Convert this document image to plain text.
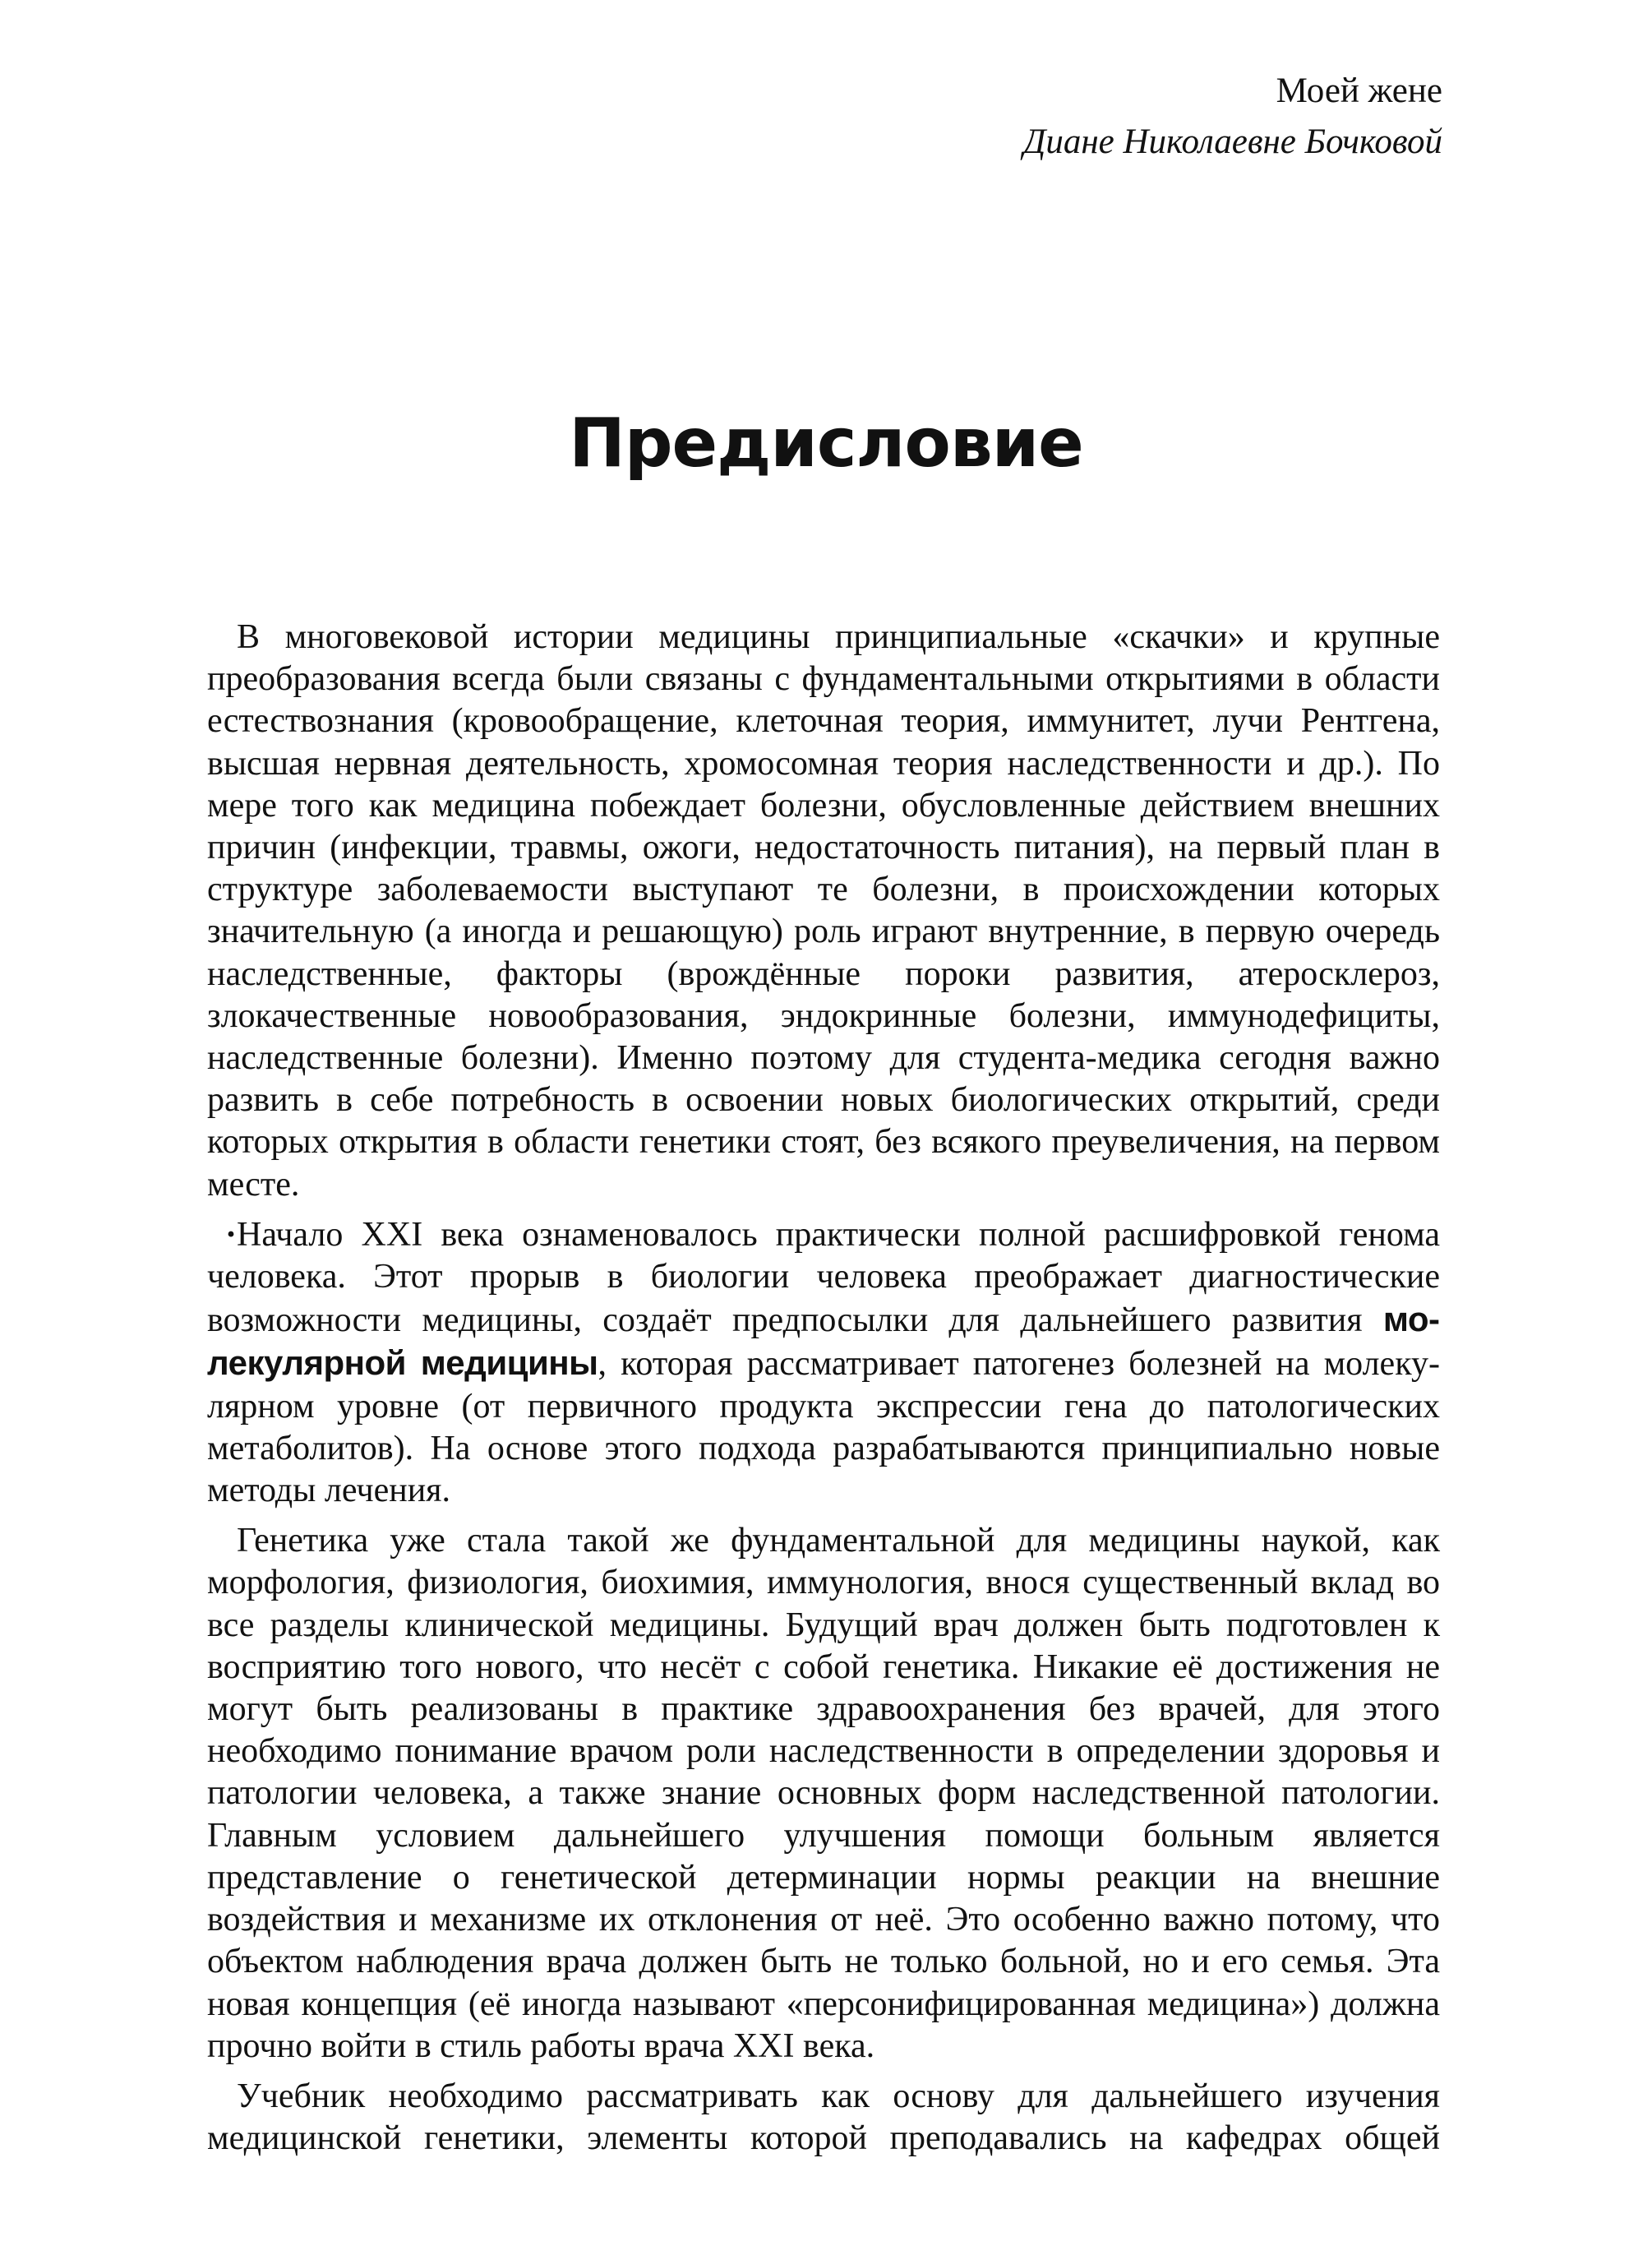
Моей жене
Диане Николаевне Бочковой
Предисловие

В многовековой истории медицины принципиальные «скачки» и крупные преобразования всегда были связаны с фундаментальными открытиями в области естествознания (кровообращение, клеточная теория, иммунитет, лучи Рентгена, высшая нервная деятельность, хромосомная теория наследственности и др.). По мере того как медицина побеждает болезни, обусловленные действием внешних причин (инфекции, травмы, ожоги, недостаточность питания), на первый план в структуре заболеваемости выступают те болезни, в происхождении которых значительную (а иногда и решающую) роль играют внутренние, в первую очередь наследственные, факторы (врождённые пороки развития, атеросклероз, злокачественные новообразования, эндокринные болезни, иммунодефициты, наследственные болезни). Именно поэтому для студента-медика сегодня важно развить в себе потребность в освоении новых биологических открытий, среди которых открытия в области генетики стоят, без всякого преувеличения, на первом месте.

·Начало XXI века ознаменовалось практически полной расшифровкой генома человека. Этот прорыв в биологии человека преображает диагностические возможности медицины, создаёт предпосылки для дальнейшего развития молекулярной медицины, которая рассматривает патогенез болезней на молекулярном уровне (от первичного продукта экспрессии гена до патологических метаболитов). На основе этого подхода разрабатываются принципиально новые методы лечения.

Генетика уже стала такой же фундаментальной для медицины наукой, как морфология, физиология, биохимия, иммунология, внося существенный вклад во все разделы клинической медицины. Будущий врач должен быть подготовлен к восприятию того нового, что несёт с собой генетика. Никакие её достижения не могут быть реализованы в практике здравоохранения без врачей, для этого необходимо понимание врачом роли наследственности в определении здоровья и патологии человека, а также знание основных форм наследственной патологии. Главным условием дальнейшего улучшения помощи больным является представление о генетической детерминации нормы реакции на внешние воздействия и механизме их отклонения от неё. Это особенно важно потому, что объектом наблюдения врача должен быть не только больной, но и его семья. Эта новая концепция (её иногда называют «персонифицированная медицина») должна прочно войти в стиль работы врача XXI века.

Учебник необходимо рассматривать как основу для дальнейшего изучения медицинской генетики, элементы которой преподавались на кафедрах общей
